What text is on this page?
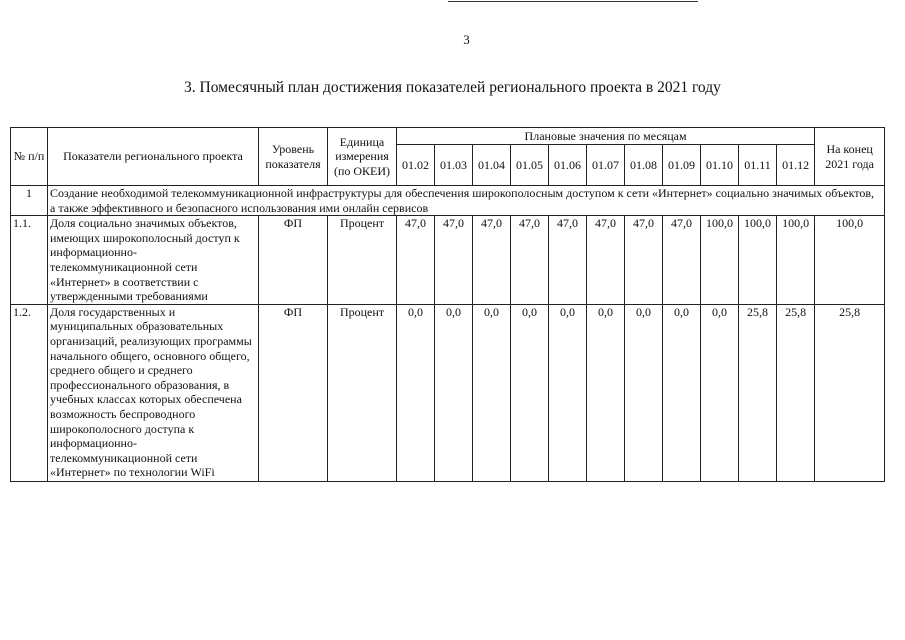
3
3. Помесячный план достижения показателей регионального проекта в 2021 году
№ п/п	Показатели регионального проекта	Уровень показателя	Единица измерения (по ОКЕИ)	Плановые значения по месяцам											На конец 2021 года
				01.02	01.03	01.04	01.05	01.06	01.07	01.08	01.09	01.10	01.11	01.12	
1	Создание необходимой телекоммуникационной инфраструктуры для обеспечения широкополосным доступом к сети «Интернет» социально значимых объектов, а также эффективного и безопасного использования ими онлайн сервисов														
1.1.	Доля социально значимых объектов, имеющих широкополосный доступ к информационно-телекоммуникационной сети «Интернет» в соответствии с утвержденными требованиями	ФП	Процент	47,0	47,0	47,0	47,0	47,0	47,0	47,0	47,0	100,0	100,0	100,0	100,0
1.2.	Доля государственных и муниципальных образовательных организаций, реализующих программы начального общего, основного общего, среднего общего и среднего профессионального образования, в учебных классах которых обеспечена возможность беспроводного широкополосного доступа к информационно-телекоммуникационной сети «Интернет» по технологии WiFi	ФП	Процент	0,0	0,0	0,0	0,0	0,0	0,0	0,0	0,0	0,0	25,8	25,8	25,8
